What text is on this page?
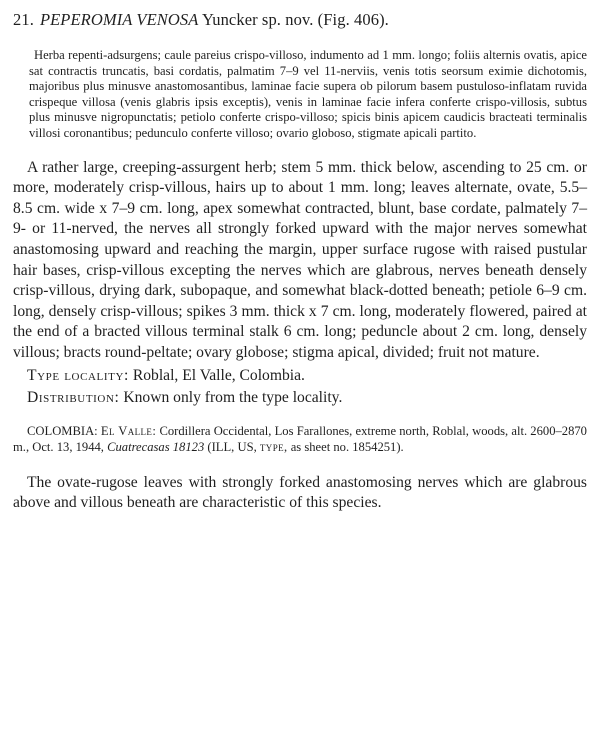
21. PEPEROMIA VENOSA Yuncker sp. nov. (Fig. 406).

Herba repenti-adsurgens; caule pareius crispo-villoso, indumento ad 1 mm. longo; foliis alternis ovatis, apice sat contractis truncatis, basi cordatis, palmatim 7–9 vel 11-nerviis, venis totis seorsum eximie dichotomis, majoribus plus minusve anastomosantibus, laminae facie supera ob pilorum basem pustuloso-inflatam ruvida crispeque villosa (venis glabris ipsis exceptis), venis in laminae facie infera conferte crispo-villosis, subtus plus minusve nigropunctatis; petiolo conferte crispo-villoso; spicis binis apicem caudicis bracteati terminalis villosi coronantibus; pedunculo conferte villoso; ovario globoso, stigmate apicali partito.

A rather large, creeping-assurgent herb; stem 5 mm. thick below, ascending to 25 cm. or more, moderately crisp-villous, hairs up to about 1 mm. long; leaves alternate, ovate, 5.5–8.5 cm. wide x 7–9 cm. long, apex somewhat contracted, blunt, base cordate, palmately 7–9- or 11-nerved, the nerves all strongly forked upward with the major nerves somewhat anastomosing upward and reaching the margin, upper surface rugose with raised pustular hair bases, crisp-villous excepting the nerves which are glabrous, nerves beneath densely crisp-villous, drying dark, subopaque, and somewhat black-dotted beneath; petiole 6–9 cm. long, densely crisp-villous; spikes 3 mm. thick x 7 cm. long, moderately flowered, paired at the end of a bracted villous terminal stalk 6 cm. long; peduncle about 2 cm. long, densely villous; bracts round-peltate; ovary globose; stigma apical, divided; fruit not mature.

Type locality: Roblal, El Valle, Colombia.
Distribution: Known only from the type locality.

COLOMBIA: El Valle: Cordillera Occidental, Los Farallones, extreme north, Roblal, woods, alt. 2600–2870 m., Oct. 13, 1944, Cuatrecasas 18123 (ILL, US, type, as sheet no. 1854251).

The ovate-rugose leaves with strongly forked anastomosing nerves which are glabrous above and villous beneath are characteristic of this species.
